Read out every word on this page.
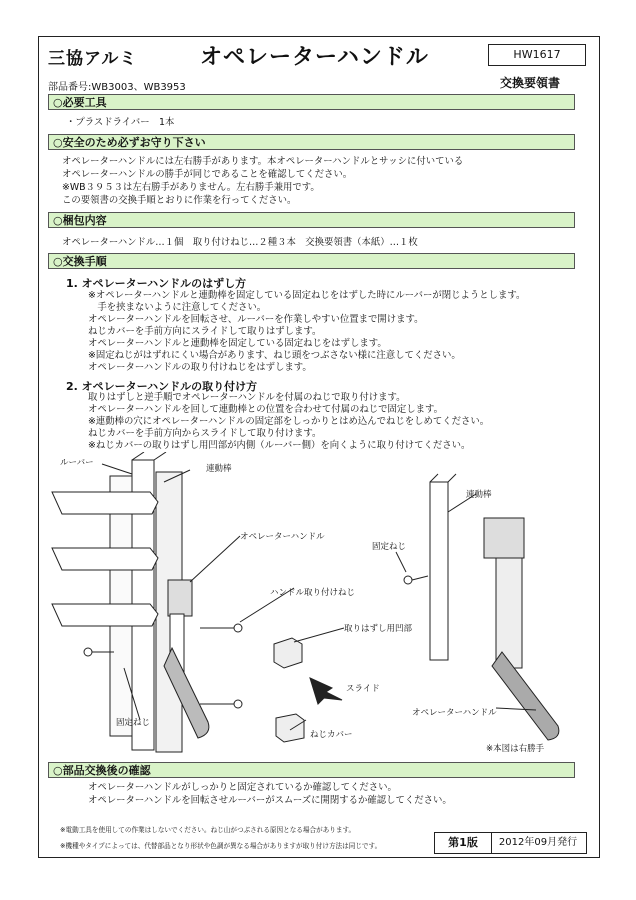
三協アルミ	オペレーターハンドル	HW1617
部品番号:WB3003、WB3953	交換要領書
○必要工具
・プラスドライバー　1本
○安全のため必ずお守り下さい
オペレーターハンドルには左右勝手があります。本オペレーターハンドルとサッシに付いている
オペレーターハンドルの勝手が同じであることを確認してください。
※WB３９５３は左右勝手がありません。左右勝手兼用です。
この要領書の交換手順とおりに作業を行ってください。
○梱包内容
オペレーターハンドル…１個　取り付けねじ…２種３本　交換要領書（本紙）…１枚
○交換手順
1. オペレーターハンドルのはずし方
※オペレーターハンドルと連動棒を固定している固定ねじをはずした時にルーバーが閉じようとします。
　手を挟まないように注意してください。
オペレーターハンドルを回転させ、ルーバーを作業しやすい位置まで開けます。
ねじカバーを手前方向にスライドして取りはずします。
オペレーターハンドルと連動棒を固定している固定ねじをはずします。
※固定ねじがはずれにくい場合があります、ねじ頭をつぶさない様に注意してください。
オペレーターハンドルの取り付けねじをはずします。
2. オペレーターハンドルの取り付け方
取りはずしと逆手順でオペレーターハンドルを付属のねじで取り付けます。
オペレーターハンドルを回して連動棒との位置を合わせて付属のねじで固定します。
※連動棒の穴にオペレーターハンドルの固定部をしっかりとはめ込んでねじをしめてください。
ねじカバーを手前方向からスライドして取り付けます。
※ねじカバーの取りはずし用凹部が内側（ルーバー側）を向くように取り付けてください。
ルーバー
連動棒
オペレーターハンドル
ハンドル取り付けねじ
取りはずし用凹部
スライド
固定ねじ
ねじカバー
連動棒
固定ねじ
オペレーターハンドル
※本図は右勝手
○部品交換後の確認
オペレーターハンドルがしっかりと固定されているか確認してください。
オペレーターハンドルを回転させルーバーがスムーズに開閉するか確認してください。
※電動工具を使用しての作業はしないでください。ねじ山がつぶされる原因となる場合があります。
※機種やタイプによっては、代替部品となり形状や色調が異なる場合がありますが取り付け方法は同じです。	第1版	2012年09月発行
